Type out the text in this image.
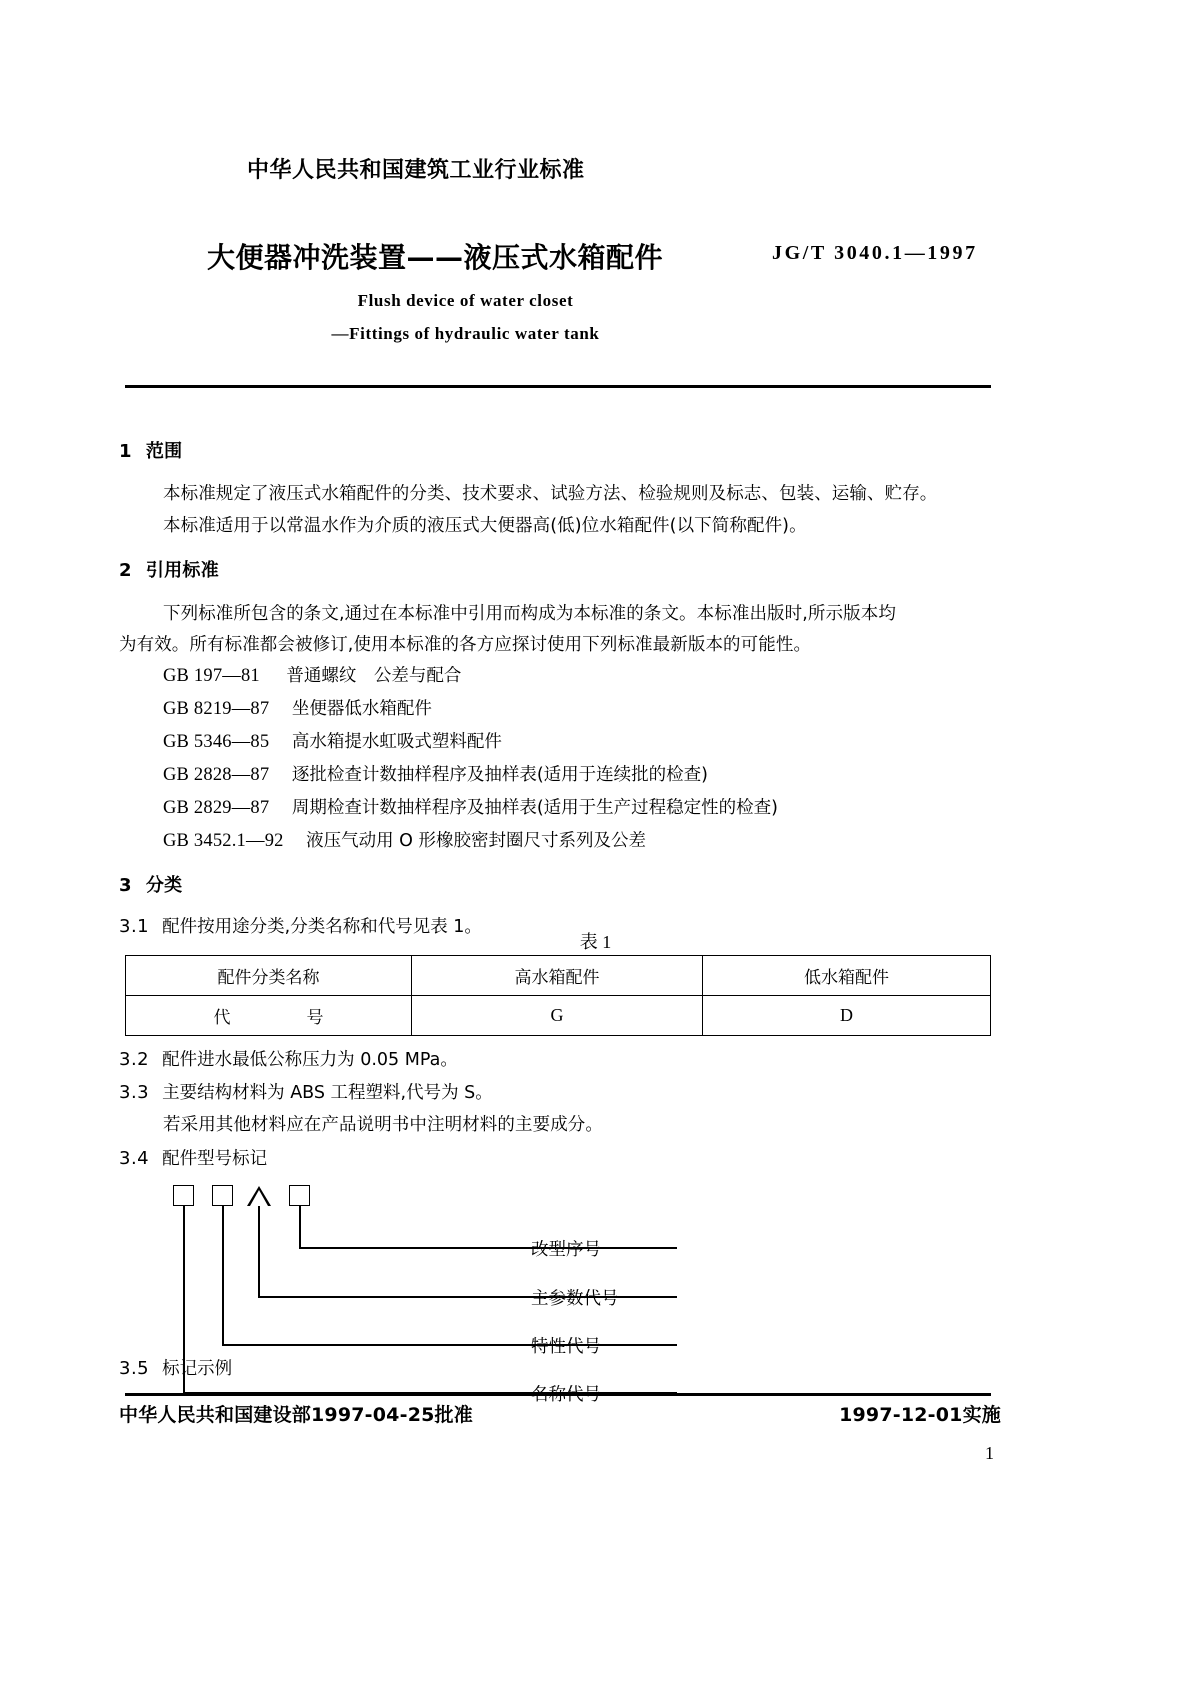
中华人民共和国建筑工业行业标准
大便器冲洗装置——液压式水箱配件	JG/T 3040.1—1997
Flush device of water closet
—Fittings of hydraulic water tank
1 范围
本标准规定了液压式水箱配件的分类、技术要求、试验方法、检验规则及标志、包装、运输、贮存。
本标准适用于以常温水作为介质的液压式大便器高(低)位水箱配件(以下简称配件)。
2 引用标准
下列标准所包含的条文,通过在本标准中引用而构成为本标准的条文。本标准出版时,所示版本均
为有效。所有标准都会被修订,使用本标准的各方应探讨使用下列标准最新版本的可能性。
GB 197—81 普通螺纹　公差与配合
GB 8219—87 坐便器低水箱配件
GB 5346—85 高水箱提水虹吸式塑料配件
GB 2828—87 逐批检查计数抽样程序及抽样表(适用于连续批的检查)
GB 2829—87 周期检查计数抽样程序及抽样表(适用于生产过程稳定性的检查)
GB 3452.1—92 液压气动用 O 形橡胶密封圈尺寸系列及公差
3 分类
3.1 配件按用途分类,分类名称和代号见表 1。
表 1
配件分类名称	高水箱配件	低水箱配件
代　　号	G	D
3.2 配件进水最低公称压力为 0.05 MPa。
3.3 主要结构材料为 ABS 工程塑料,代号为 S。
若采用其他材料应在产品说明书中注明材料的主要成分。
3.4 配件型号标记
改型序号
主参数代号
特性代号
3.5 标记示例
中华人民共和国建设部1997-04-25批准	1997-12-01实施
1
